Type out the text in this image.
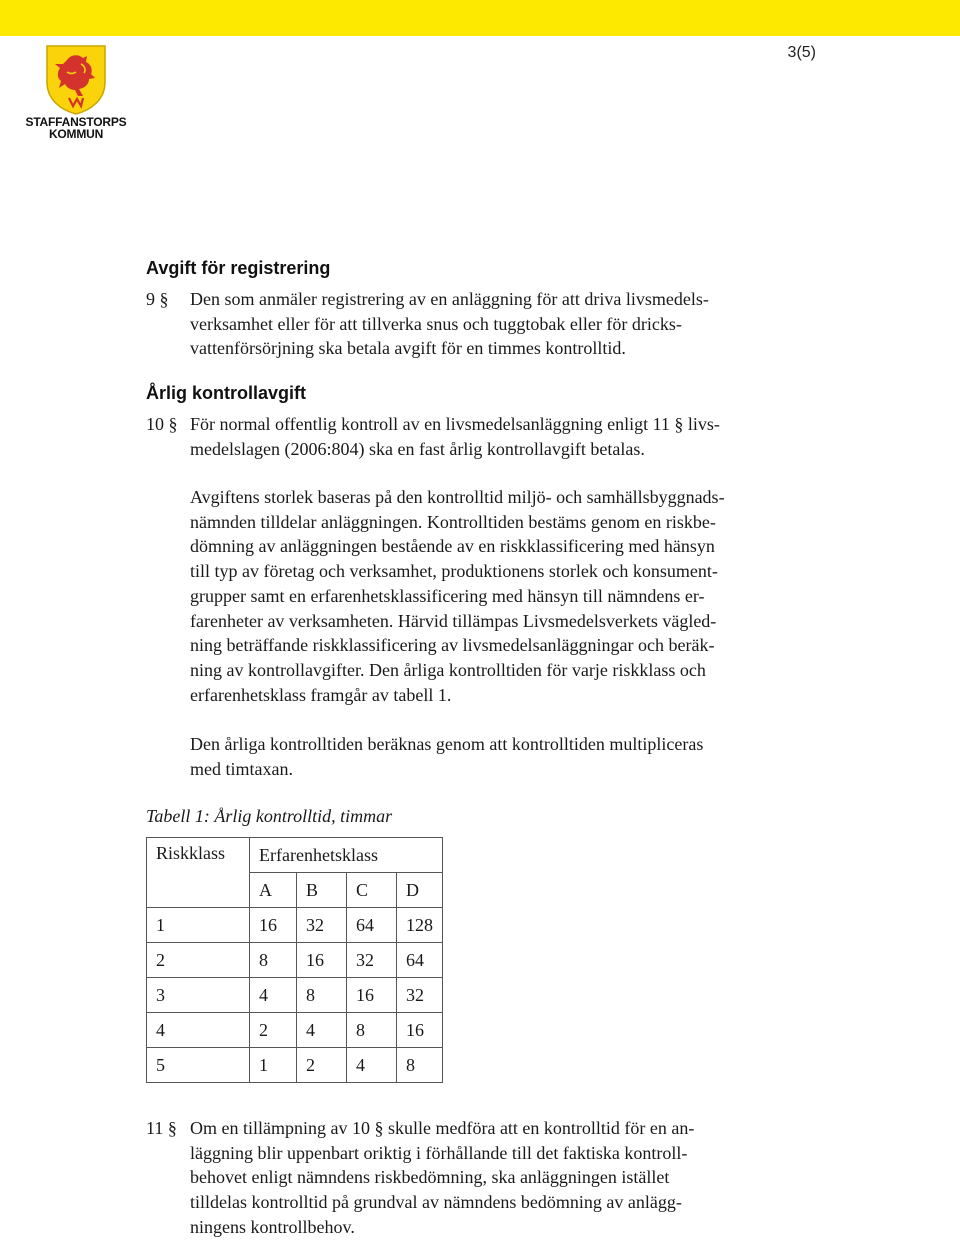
3(5)
STAFFANSTORPS
KOMMUN
Avgift för registrering
9 § Den som anmäler registrering av en anläggning för att driva livsmedels-
verksamhet eller för att tillverka snus och tuggtobak eller för dricks-
vattenförsörjning ska betala avgift för en timmes kontrolltid.
Årlig kontrollavgift
10 § För normal offentlig kontroll av en livsmedelsanläggning enligt 11 § livs-
medelslagen (2006:804) ska en fast årlig kontrollavgift betalas.
Avgiftens storlek baseras på den kontrolltid miljö- och samhällsbyggnads-
nämnden tilldelar anläggningen. Kontrolltiden bestäms genom en riskbe-
dömning av anläggningen bestående av en riskklassificering med hänsyn
till typ av företag och verksamhet, produktionens storlek och konsument-
grupper samt en erfarenhetsklassificering med hänsyn till nämndens er-
farenheter av verksamheten. Härvid tillämpas Livsmedelsverkets vägled-
ning beträffande riskklassificering av livsmedelsanläggningar och beräk-
ning av kontrollavgifter. Den årliga kontrolltiden för varje riskklass och
erfarenhetsklass framgår av tabell 1.
Den årliga kontrolltiden beräknas genom att kontrolltiden multipliceras
med timtaxan.
Tabell 1: Årlig kontrolltid, timmar
Riskklass	Erfarenhetsklass			
	A	B	C	D
1	16	32	64	128
2	8	16	32	64
3	4	8	16	32
4	2	4	8	16
5	1	2	4	8
11 § Om en tillämpning av 10 § skulle medföra att en kontrolltid för en an-
läggning blir uppenbart oriktig i förhållande till det faktiska kontroll-
behovet enligt nämndens riskbedömning, ska anläggningen istället
tilldelas kontrolltid på grundval av nämndens bedömning av anlägg-
ningens kontrollbehov.
